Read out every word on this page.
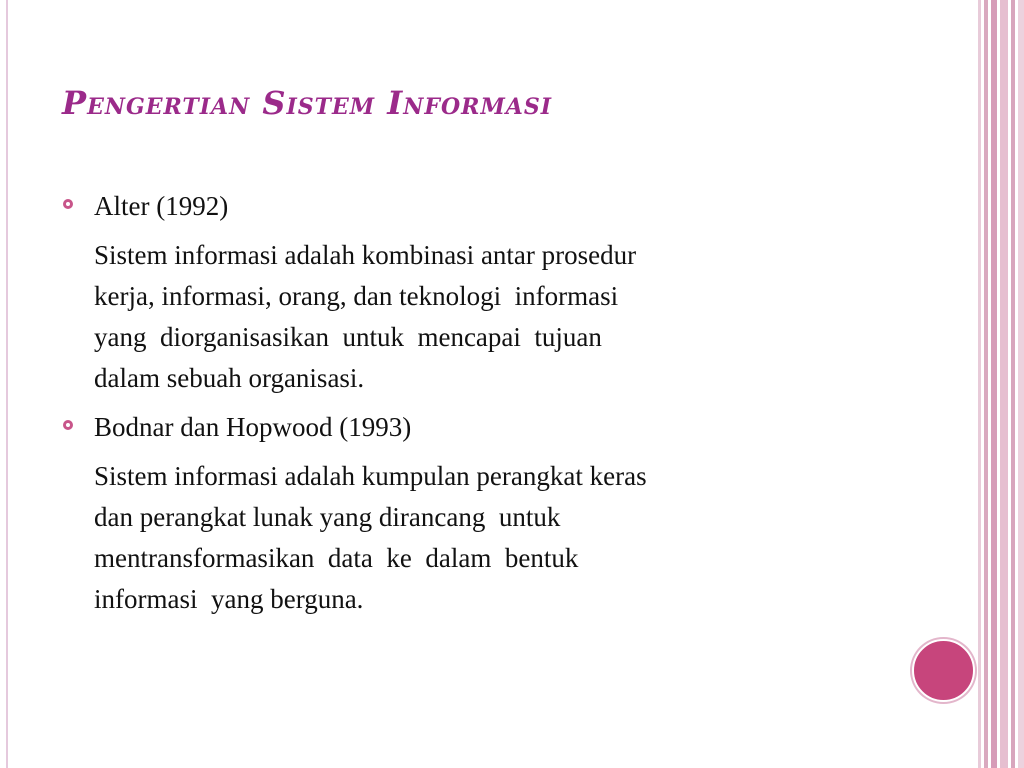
Pengertian Sistem Informasi

Alter (1992)

Sistem informasi adalah kombinasi antar prosedur
kerja, informasi, orang, dan teknologi  informasi
yang  diorganisasikan  untuk  mencapai  tujuan
dalam sebuah organisasi.

Bodnar dan Hopwood (1993)

Sistem informasi adalah kumpulan perangkat keras
dan perangkat lunak yang dirancang  untuk
mentransformasikan  data  ke  dalam  bentuk
informasi  yang berguna.
